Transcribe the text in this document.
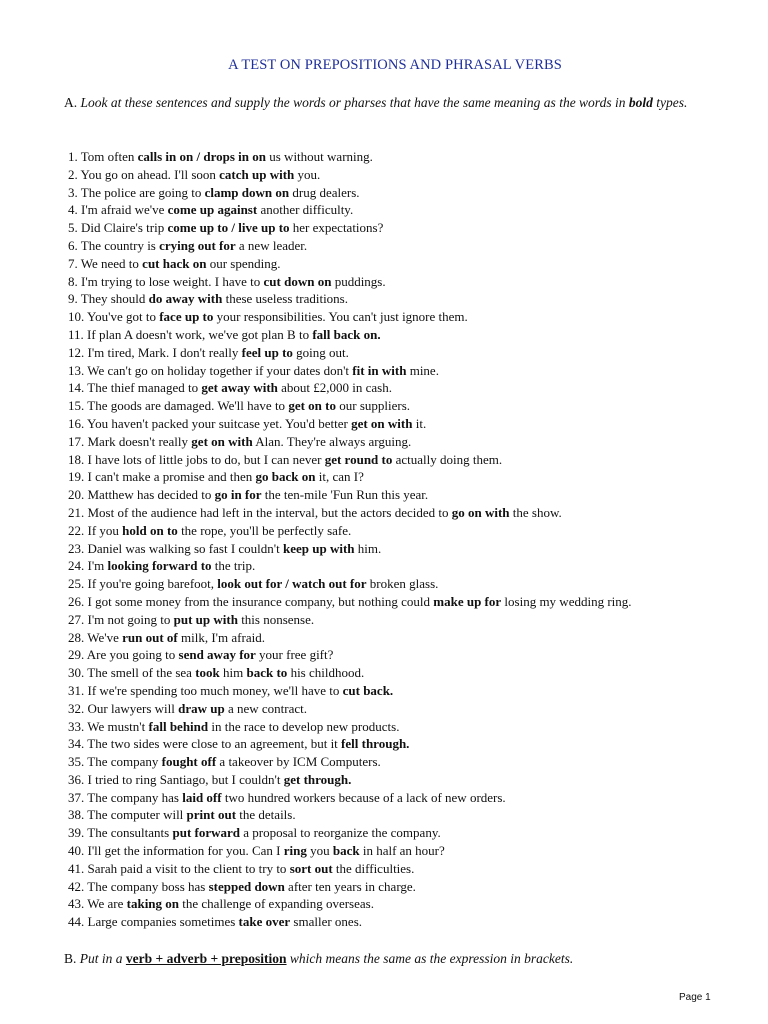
A TEST ON PREPOSITIONS AND PHRASAL VERBS
A. Look at these sentences and supply the words or pharses that have the same meaning as the words in bold types.
1. Tom often calls in on / drops in on us without warning.
2. You go on ahead. I'll soon catch up with you.
3. The police are going to clamp down on drug dealers.
4. I'm afraid we've come up against another difficulty.
5. Did Claire's trip come up to / live up to her expectations?
6. The country is crying out for a new leader.
7. We need to cut hack on our spending.
8. I'm trying to lose weight. I have to cut down on puddings.
9. They should do away with these useless traditions.
10. You've got to face up to your responsibilities. You can't just ignore them.
11. If plan A doesn't work, we've got plan B to fall back on.
12. I'm tired, Mark. I don't really feel up to going out.
13. We can't go on holiday together if your dates don't fit in with mine.
14. The thief managed to get away with about £2,000 in cash.
15. The goods are damaged. We'll have to get on to our suppliers.
16. You haven't packed your suitcase yet. You'd better get on with it.
17. Mark doesn't really get on with Alan. They're always arguing.
18. I have lots of little jobs to do, but I can never get round to actually doing them.
19. I can't make a promise and then go back on it, can I?
20. Matthew has decided to go in for the ten-mile 'Fun Run this year.
21. Most of the audience had left in the interval, but the actors decided to go on with the show.
22. If you hold on to the rope, you'll be perfectly safe.
23. Daniel was walking so fast I couldn't keep up with him.
24. I'm looking forward to the trip.
25. If you're going barefoot, look out for / watch out for broken glass.
26. I got some money from the insurance company, but nothing could make up for losing my wedding ring.
27. I'm not going to put up with this nonsense.
28. We've run out of milk, I'm afraid.
29. Are you going to send away for your free gift?
30. The smell of the sea took him back to his childhood.
31. If we're spending too much money, we'll have to cut back.
32. Our lawyers will draw up a new contract.
33. We mustn't fall behind in the race to develop new products.
34. The two sides were close to an agreement, but it fell through.
35. The company fought off a takeover by ICM Computers.
36. I tried to ring Santiago, but I couldn't get through.
37. The company has laid off two hundred workers because of a lack of new orders.
38. The computer will print out the details.
39. The consultants put forward a proposal to reorganize the company.
40. I'll get the information for you. Can I ring you back in half an hour?
41. Sarah paid a visit to the client to try to sort out the difficulties.
42. The company boss has stepped down after ten years in charge.
43. We are taking on the challenge of expanding overseas.
44. Large companies sometimes take over smaller ones.
B. Put in a verb + adverb + preposition which means the same as the expression in brackets.
Page 1
